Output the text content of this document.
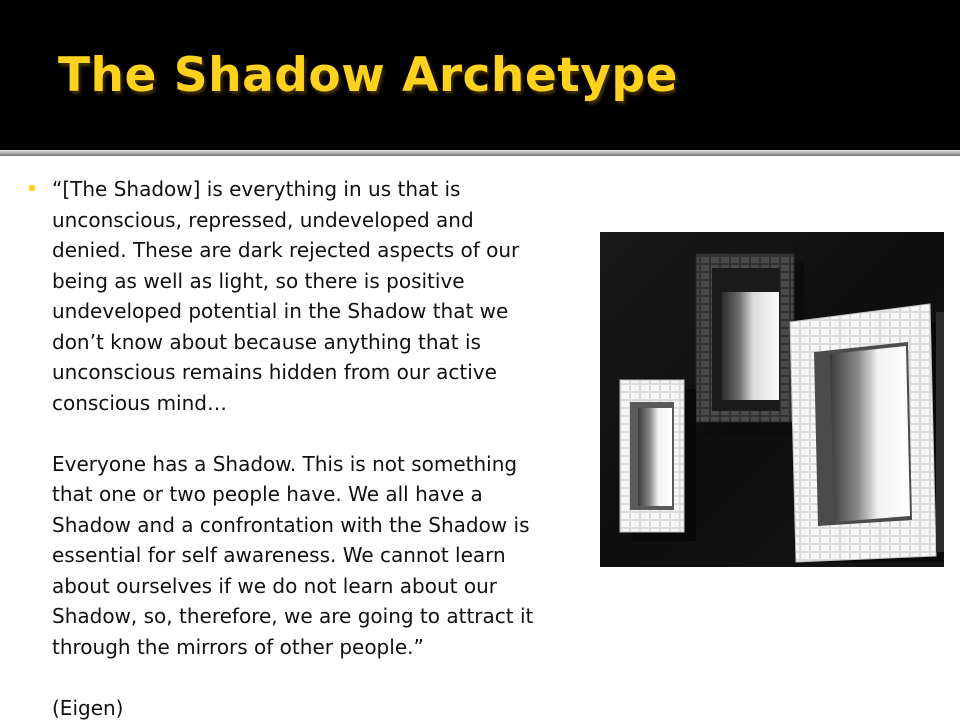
The Shadow Archetype

“[The Shadow] is everything in us that is
unconscious, repressed, undeveloped and
denied. These are dark rejected aspects of our
being as well as light, so there is positive
undeveloped potential in the Shadow that we
don’t know about because anything that is
unconscious remains hidden from our active
conscious mind…

Everyone has a Shadow. This is not something
that one or two people have. We all have a
Shadow and a confrontation with the Shadow is
essential for self awareness. We cannot learn
about ourselves if we do not learn about our
Shadow, so, therefore, we are going to attract it
through the mirrors of other people.”

(Eigen)
